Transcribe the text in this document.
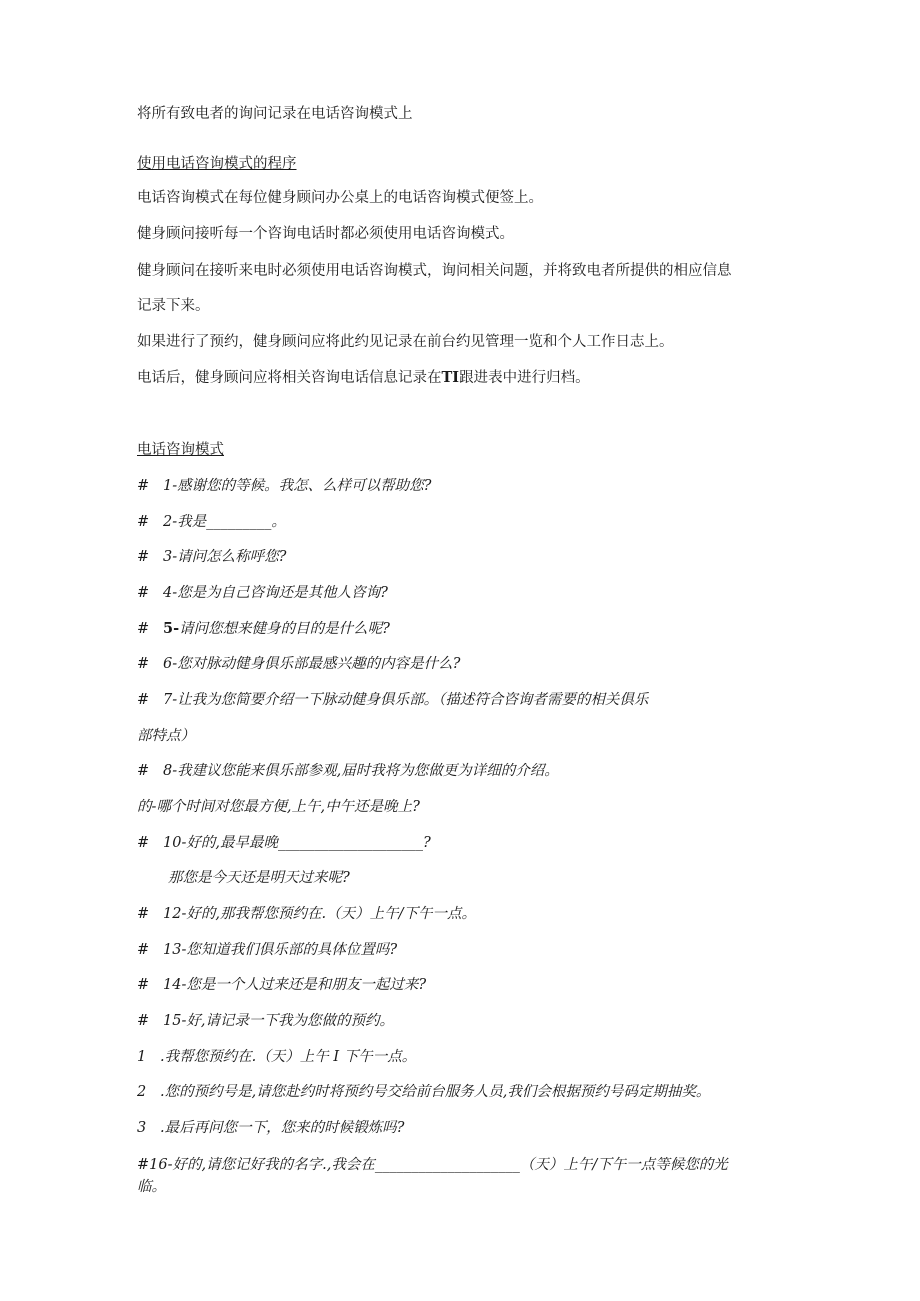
将所有致电者的询问记录在电话咨询模式上
使用电话咨询模式的程序
电话咨询模式在每位健身顾问办公桌上的电话咨询模式便签上。
健身顾问接听每一个咨询电话时都必须使用电话咨询模式。
健身顾问在接听来电时必须使用电话咨询模式，询问相关问题，并将致电者所提供的相应信息
记录下来。
如果进行了预约，健身顾问应将此约见记录在前台约见管理一览和个人工作日志上。
电话后，健身顾问应将相关咨询电话信息记录在TI跟进表中进行归档。
电话咨询模式
# 1-感谢您的等候。我怎、么样可以帮助您?
# 2-我是_________。
# 3-请问怎么称呼您?
# 4-您是为自己咨询还是其他人咨询?
# 5-请问您想来健身的目的是什么呢?
# 6-您对脉动健身俱乐部最感兴趣的内容是什么?
# 7-让我为您简要介绍一下脉动健身俱乐部。（描述符合咨询者需要的相关俱乐
部特点）
# 8-我建议您能来俱乐部参观,届时我将为您做更为详细的介绍。
的-哪个时间对您最方便,上午,中午还是晚上?
# 10-好的,最早最晚____________________?
那您是今天还是明天过来呢?
# 12-好的,那我帮您预约在.（天）上午/下午一点。
# 13-您知道我们俱乐部的具体位置吗?
# 14-您是一个人过来还是和朋友一起过来?
# 15-好,请记录一下我为您做的预约。
1   .我帮您预约在.（天）上午 I 下午一点。
2   .您的预约号是,请您赴约时将预约号交给前台服务人员,我们会根据预约号码定期抽奖。
3   .最后再问您一下，您来的时候锻炼吗?
#16-好的,请您记好我的名字.,我会在____________________（天）上午/下午一点等候您的光
临。
